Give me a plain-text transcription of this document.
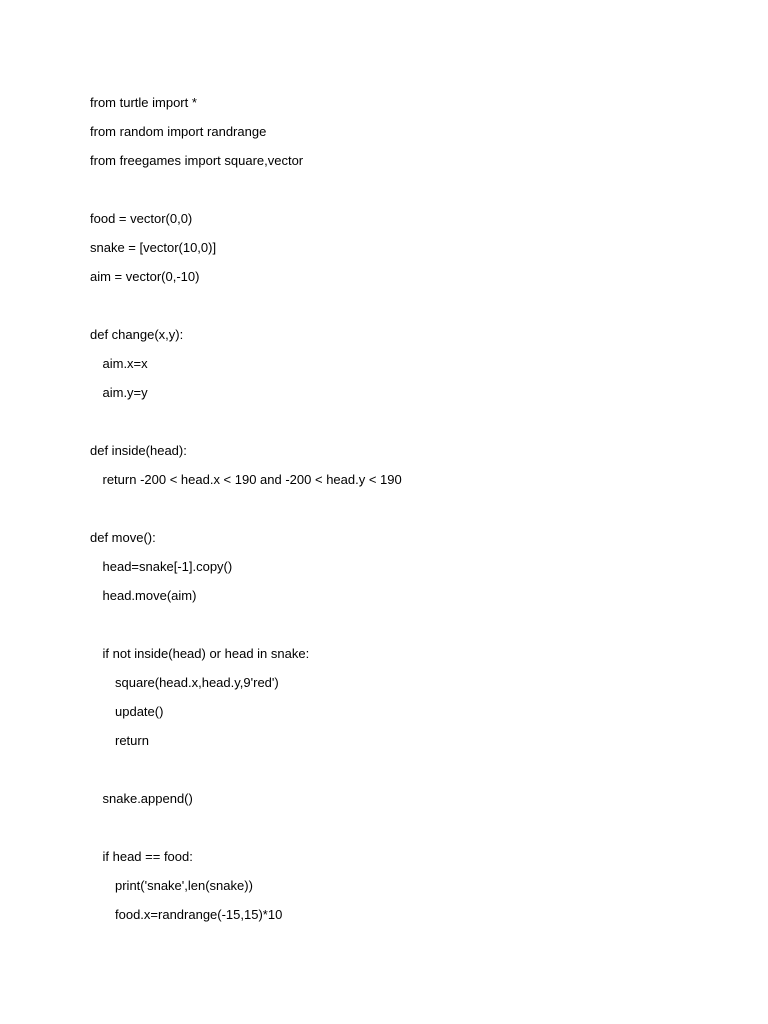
from turtle import *

from random import randrange

from freegames import square,vector

food = vector(0,0)

snake = [vector(10,0)]

aim = vector(0,-10)

def change(x,y):

aim.x=x

aim.y=y

def inside(head):

return -200 < head.x < 190 and -200 < head.y < 190

def move():

head=snake[-1].copy()

head.move(aim)

if not inside(head) or head in snake:

square(head.x,head.y,9'red')

update()

return

snake.append()

if head == food:

print('snake',len(snake))

food.x=randrange(-15,15)*10
